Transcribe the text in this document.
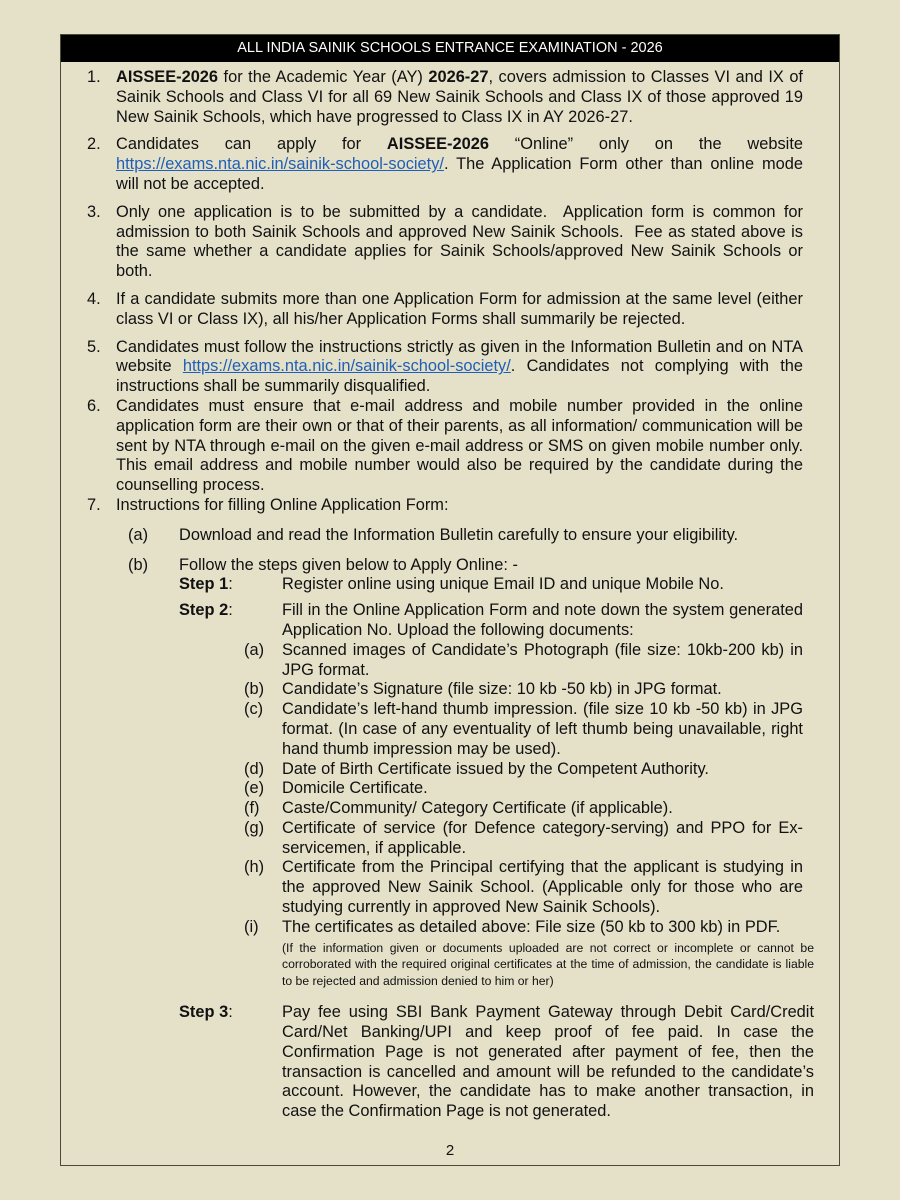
ALL INDIA SAINIK SCHOOLS ENTRANCE EXAMINATION - 2026
1. AISSEE-2026 for the Academic Year (AY) 2026-27, covers admission to Classes VI and IX of Sainik Schools and Class VI for all 69 New Sainik Schools and Class IX of those approved 19 New Sainik Schools, which have progressed to Class IX in AY 2026-27.
2. Candidates can apply for AISSEE-2026 “Online” only on the website https://exams.nta.nic.in/sainik-school-society/. The Application Form other than online mode will not be accepted.
3. Only one application is to be submitted by a candidate.  Application form is common for admission to both Sainik Schools and approved New Sainik Schools.  Fee as stated above is the same whether a candidate applies for Sainik Schools/approved New Sainik Schools or both.
4. If a candidate submits more than one Application Form for admission at the same level (either class VI or Class IX), all his/her Application Forms shall summarily be rejected.
5. Candidates must follow the instructions strictly as given in the Information Bulletin and on NTA website https://exams.nta.nic.in/sainik-school-society/. Candidates not complying with the instructions shall be summarily disqualified.
6. Candidates must ensure that e-mail address and mobile number provided in the online application form are their own or that of their parents, as all information/ communication will be sent by NTA through e-mail on the given e-mail address or SMS on given mobile number only. This email address and mobile number would also be required by the candidate during the counselling process.
7. Instructions for filling Online Application Form:
(a) Download and read the Information Bulletin carefully to ensure your eligibility.
(b) Follow the steps given below to Apply Online: -
Step 1:	Register online using unique Email ID and unique Mobile No.
Step 2:	Fill in the Online Application Form and note down the system generated Application No. Upload the following documents:
(a) Scanned images of Candidate’s Photograph (file size: 10kb-200 kb) in JPG format.
(b) Candidate’s Signature (file size: 10 kb -50 kb) in JPG format.
(c) Candidate’s left-hand thumb impression. (file size 10 kb -50 kb) in JPG format. (In case of any eventuality of left thumb being unavailable, right hand thumb impression may be used).
(d) Date of Birth Certificate issued by the Competent Authority.
(e) Domicile Certificate.
(f) Caste/Community/ Category Certificate (if applicable).
(g) Certificate of service (for Defence category-serving) and PPO for Ex- servicemen, if applicable.
(h) Certificate from the Principal certifying that the applicant is studying in the approved New Sainik School. (Applicable only for those who are studying currently in approved New Sainik Schools).
(i) The certificates as detailed above: File size (50 kb to 300 kb) in PDF.
(If the information given or documents uploaded are not correct or incomplete or cannot be corroborated with the required original certificates at the time of admission, the candidate is liable to be rejected and admission denied to him or her)
Step 3:	Pay fee using SBI Bank Payment Gateway through Debit Card/Credit Card/Net Banking/UPI and keep proof of fee paid. In case the Confirmation Page is not generated after payment of fee, then the transaction is cancelled and amount will be refunded to the candidate’s account. However, the candidate has to make another transaction, in case the Confirmation Page is not generated.
2
